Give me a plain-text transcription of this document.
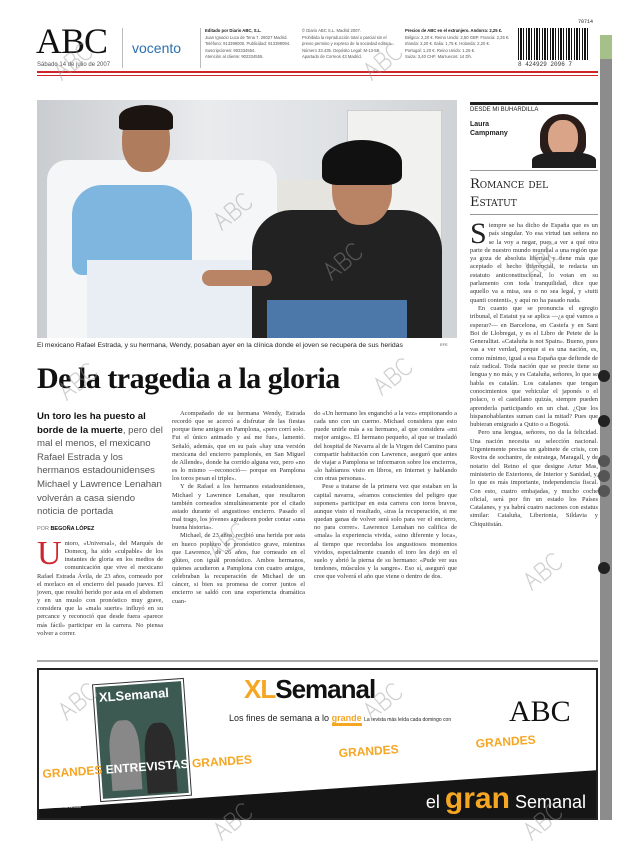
ABC
Sábado 14 de julio de 2007
vocento
Editado por Diario ABC, S.L.
Juan Ignacio Luca de Tena 7. 28027 Madrid.
Teléfono: 913399000. Publicidad: 913399094.
Suscripciones: 902334554.
Atención al cliente: 902334555.
© Diario ABC S.L. Madrid 2007.
Prohibida la reproducción total o parcial sin el
previo permiso y expreso de la sociedad editora.
Número 33.435. Depósito Legal: M-13-58.
Apartado de Correos 43 Madrid.
Precios de ABC en el extranjero. Andorra: 2,25 €.
Bélgica: 2,20 €. Reino Unido: 2,50 GBP. Francia: 2,25 €.
Irlanda: 2,20 €. Italia: 1,75 €. Holanda: 2,20 €.
Portugal: 1,20 €. Reino Unido: 1,25 €.
Suiza: 3,40 CHF. Marruecos: 14 Dh.
70714
8 424929 2096 7
El mexicano Rafael Estrada, y su hermana, Wendy, posaban ayer en la clínica donde el joven se recupera de sus heridas	EFE
De la tragedia a la gloria
Un toro les ha puesto al borde de la muerte, pero del mal el menos, el mexicano Rafael Estrada y los hermanos estadounidenses Michael y Lawrence Lenahan volverán a casa siendo noticia de portada
POR BEGOÑA LÓPEZ

Untoro, «Universal», del Marqués de Domecq, ha sido «culpable» de los instantes de gloria en los medios de comunicación que vive el mexicano Rafael Estrada Ávila, de 23 años, corneado por el morlaco en el encierro del pasado jueves. El joven, que resultó herido por asta en el abdomen y en un muslo con pronóstico muy grave, considera que la «mala suerte» influyó en su percance y reconoció que desde fuera «parece más fácil» participar en la carrera. No piensa volver a correr.

Acompañado de su hermana Wendy, Estrada recordó que se acercó a disfrutar de las fiestas porque tiene amigos en Pamplona, «pero corrí solo. Fui el único animado y así me fue», lamentó. Señaló, además, que en su país «hay una versión mexicana del encierro pamplonés, en San Miguel de Allende», donde ha corrido alguna vez, pero «no es lo mismo —reconoció— porque en Pamplona los toros pesan el triple».

Y de Rafael a los hermanos estadounidenses, Michael y Lawrence Lenahan, que resultaron también corneados simultáneamente por el citado astado durante el angustioso encierro. Pasado el mal trago, los jóvenes agradecen poder contar «una buena historia».

Michael, de 23 años, recibió una herida por asta en hueco poplíteo de pronóstico grave, mientras que Lawrence, de 26 años, fue corneado en el glúteo, con igual pronóstico. Ambos hermanos, quienes acudieron a Pamplona con cuatro amigos, celebraban la recuperación de Michael de un cáncer, si bien su promesa de correr juntos el encierro se saldó con una experiencia dramática cuan-

do «Un hermano les enganchó a la vez» empitonando a cada uno con un cuerno. Michael considera que esto puede unirle más a su hermano, al que considera «mi mejor amigo». El hermano pequeño, al que se trasladó del hospital de Navarra al de la Virgen del Camino para compartir habitación con Lawrence, aseguró que antes de viajar a Pamplona se informaron sobre los encierros, «lo habíamos visto en libros, en Internet y hablando con otras personas».

Pese a tratarse de la primera vez que estaban en la capital navarra, «éramos conscientes del peligro que suponen» participar en esta carrera con toros bravos, aunque visto el resultado, «tras la recuperación, si me quedan ganas de volver será solo para ver el encierro, no para correr». Lawrence Lenahan no califica de «mala» la experiencia vivida, «sino diferente y loca», al tiempo que recordaba los angustiosos momentos vividos, especialmente cuando el toro les dejó en el suelo y abrió la pierna de su hermano: «Pude ver sus tendones, músculos y la sangre». Eso sí, aseguró que cree que volverá el año que viene o dentro de dos.

DESDE MI BUHARDILLA
Laura
Campmany
Romance del
Estatut

Siempre se ha dicho de España que es un país singular. Yo esa virtud tan señera no se la voy a negar, pues a ver a qué otra parte de nuestro mundo mundial a una región que ya goza de absoluta libertad y tiene más que aceptado el hecho diferencial, te redacta un estatuto anticonstitucional, lo votan en su parlamento con toda tranquilidad, dice que aquello va a misa, sea o no sea legal, y «tutti quanti contenti», y aquí no ha pasado nada.

En cuanto que se pronuncia el egregio tribunal, el Estatut ya se aplica —¿a qué vamos a esperar?— en Barcelona, en Castefa y en Sant Boi de Llobregat, y es el Libro de Petete de la Generalitat. «Cataluña is not Spain». Bueno, pues vas a ver verdad, porque si es una nación, es, como mínimo, igual a esa España que defiende de raíz radical. Toda nación que se precie tiene su lengua y no más, y es Cataluña, señores, lo que se habla es catalán. Los catalanes que tengan conocimientos que vehicular el japonés o el polaco, o el castellano quizás, siempre pueden aprenderla participando en un chat. ¿Que los hispanohablantes suman casi la mitad? Pues que hubieran emigrado a Quito o a Bogotá.

Pero una lengua, señores, no da la felicidad. Una nación necesita su selección nacional. Urgentemente precisa un gabinete de crisis, con Rovira de sochantre, de estratega, Maragall, y de notario del Reino el que designe Artur Mas, ministerio de Exteriores, de Interior y Sanidad, y, lo que es más importante, independencia fiscal. Con esto, cuatro embajadas, y mucho coche oficial, será por fin un estado los Países Catalanes, y ya habrá cuatro naciones con estatus similar: Cataluña, Libertonia, Sildavia y Chiquitistán.

XLSemanal
abc.xlsemanal.com
XLSemanal
Los fines de semana a lo grande La revista más leída cada domingo con ABC
GRANDES ENTREVISTAS GRANDES REPORTAJES GRANDES SECCIONES GRANDES FIRMAS
el gran Semanal
